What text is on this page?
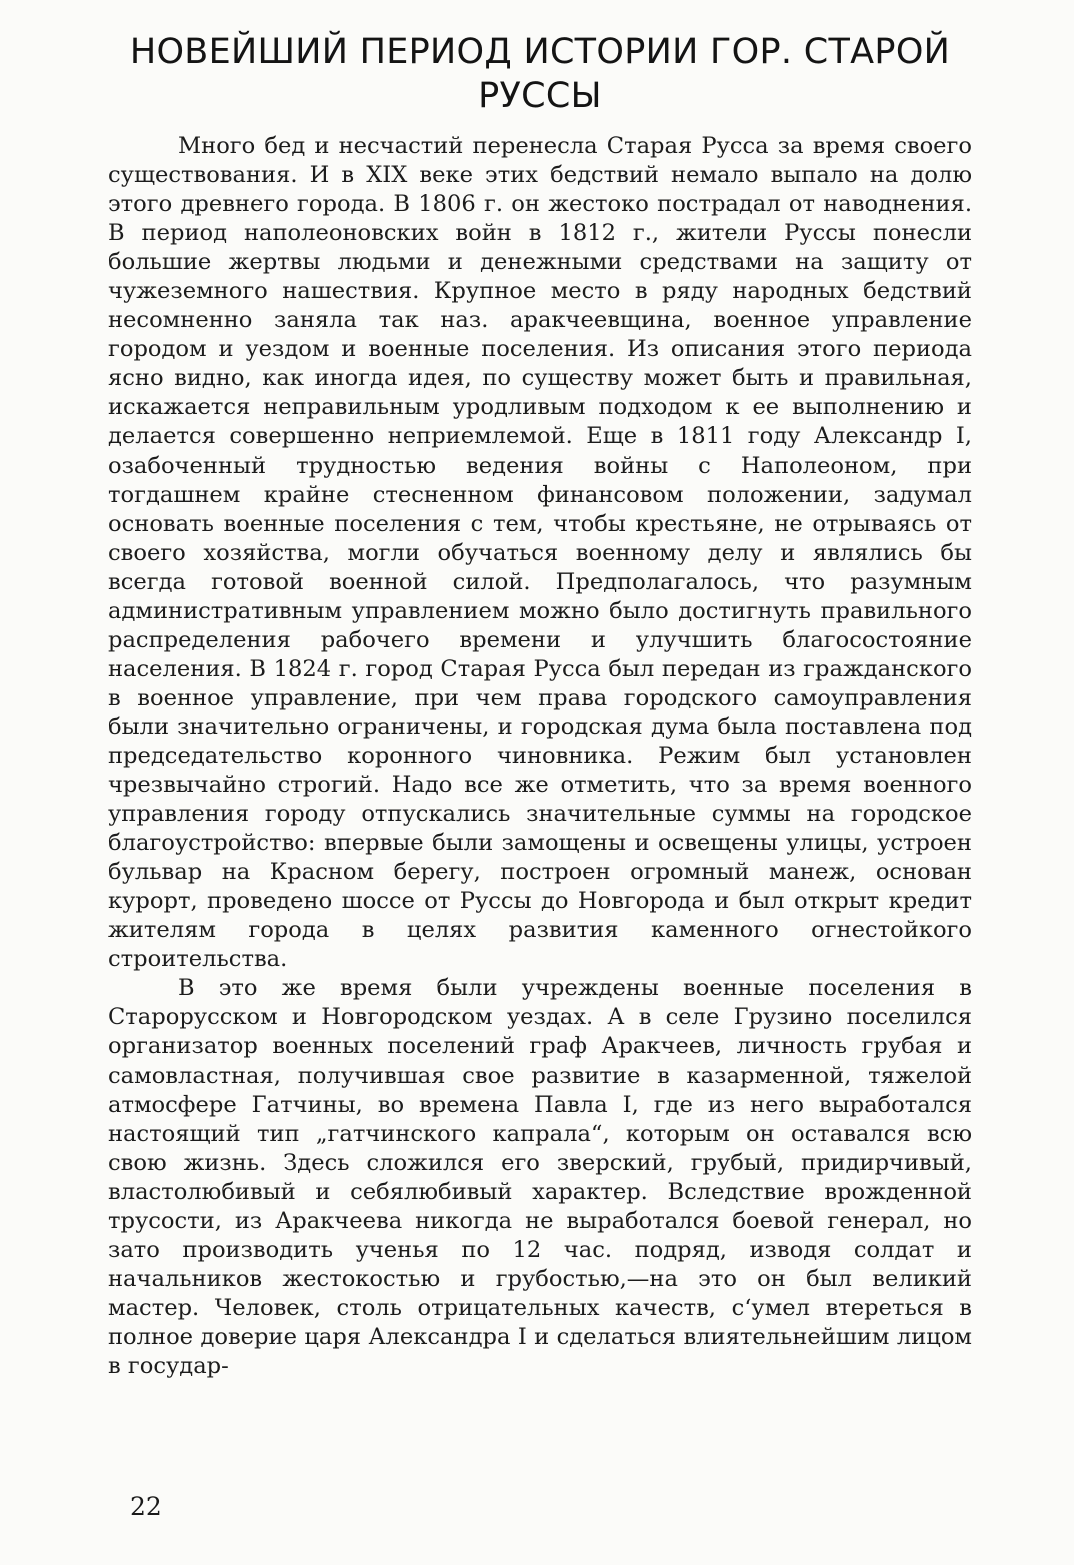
НОВЕЙШИЙ ПЕРИОД ИСТОРИИ ГОР. СТАРОЙ РУССЫ

Много бед и несчастий перенесла Старая Русса за время своего существования. И в XIX веке этих бедствий немало выпало на долю этого древнего города. В 1806 г. он жестоко пострадал от наводнения. В период наполеоновских войн в 1812 г., жители Руссы понесли большие жертвы людьми и денежными средствами на защиту от чужеземного нашествия. Крупное место в ряду народных бедствий несомненно заняла так наз. аракчеевщина, военное управление городом и уездом и военные поселения. Из описания этого периода ясно видно, как иногда идея, по существу может быть и правильная, искажается неправильным уродливым подходом к ее выполнению и делается совершенно неприемлемой. Еще в 1811 году Александр I, озабоченный трудностью ведения войны с Наполеоном, при тогдашнем крайне стесненном финансовом положении, задумал основать военные поселения с тем, чтобы крестьяне, не отрываясь от своего хозяйства, могли обучаться военному делу и являлись бы всегда готовой военной силой. Предполагалось, что разумным административным управлением можно было достигнуть правильного распределения рабочего времени и улучшить благосостояние населения. В 1824 г. город Старая Русса был передан из гражданского в военное управление, при чем права городского самоуправления были значительно ограничены, и городская дума была поставлена под председательство коронного чиновника. Режим был установлен чрезвычайно строгий. Надо все же отметить, что за время военного управления городу отпускались значительные суммы на городское благоустройство: впервые были замощены и освещены улицы, устроен бульвар на Красном берегу, построен огромный манеж, основан курорт, проведено шоссе от Руссы до Новгорода и был открыт кредит жителям города в целях развития каменного огнестойкого строительства.

В это же время были учреждены военные поселения в Старорусском и Новгородском уездах. А в селе Грузино поселился организатор военных поселений граф Аракчеев, личность грубая и самовластная, получившая свое развитие в казарменной, тяжелой атмосфере Гатчины, во времена Павла I, где из него выработался настоящий тип „гатчинского капрала“, которым он оставался всю свою жизнь. Здесь сложился его зверский, грубый, придирчивый, властолюбивый и себялюбивый характер. Вследствие врожденной трусости, из Аракчеева никогда не выработался боевой генерал, но зато производить ученья по 12 час. подряд, изводя солдат и начальников жестокостью и грубостью,—на это он был великий мастер. Человек, столь отрицательных качеств, с‘умел втереться в полное доверие царя Александра I и сделаться влиятельнейшим лицом в государ-

22
